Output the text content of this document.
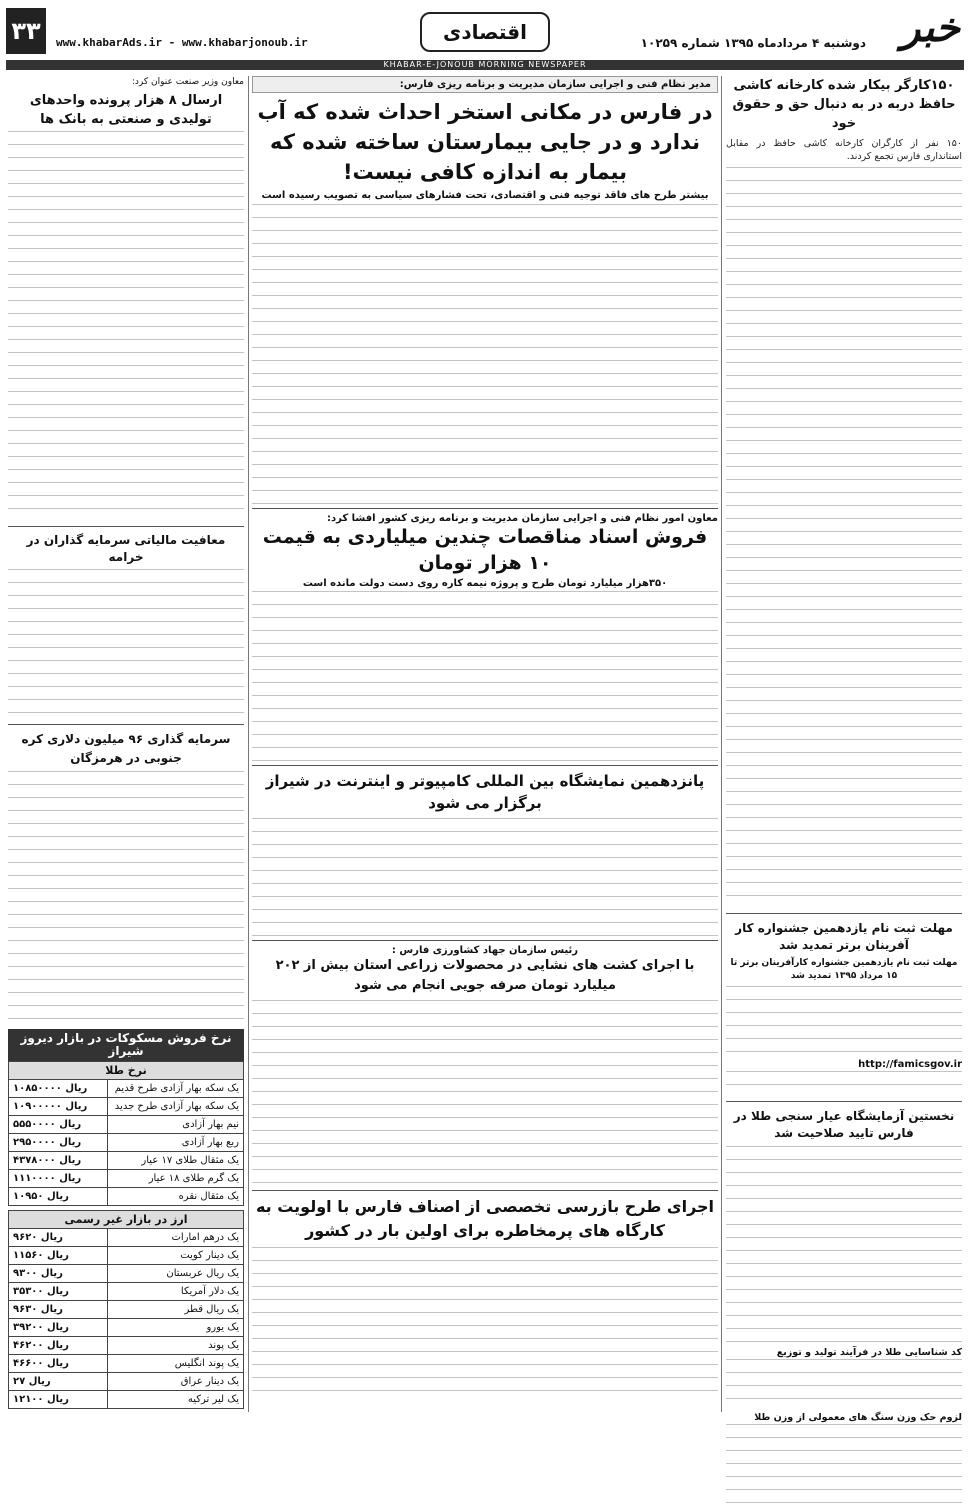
خبر
دوشنبه ۴ مردادماه ۱۳۹۵ شماره ۱۰۲۵۹
اقتصادی
www.khabarAds.ir - www.khabarjonoub.ir
۳۳
KHABAR-E-JONOUB MORNING NEWSPAPER
۱۵۰کارگر بیکار شده کارخانه کاشی حافظ دربه در به دنبال حق و حقوق خود
۱۵۰ نفر از کارگران کارخانه کاشی حافظ در مقابل استانداری فارس تجمع کردند.
مهلت ثبت نام یازدهمین جشنواره کار آفرینان برتر تمدید شد
مهلت ثبت نام یازدهمین جشنواره کارآفرینان برتر تا ۱۵ مرداد ۱۳۹۵ تمدید شد
http://famicsgov.ir
نخستین آزمایشگاه عیار سنجی طلا در فارس تایید صلاحیت شد
کد شناسایی طلا در فرآیند تولید و توزیع
لزوم حک وزن سنگ های معمولی از وزن طلا
مدیر نظام فنی و اجرایی سازمان مدیریت و برنامه ریزی فارس:
در فارس در مکانی استخر احداث شده که آب ندارد و در جایی بیمارستان ساخته شده که بیمار به اندازه کافی نیست!
بیشتر طرح های فاقد توجیه فنی و اقتصادی، تحت فشارهای سیاسی به تصویب رسیده است
معاون امور نظام فنی و اجرایی سازمان مدیریت و برنامه ریزی کشور افشا کرد:
فروش اسناد مناقصات چندین میلیاردی به قیمت ۱۰ هزار تومان
۳۵۰هزار میلیارد تومان طرح و پروژه نیمه کاره روی دست دولت مانده است
پانزدهمین نمایشگاه بین المللی کامپیوتر و اینترنت در شیراز برگزار می شود
رئیس سازمان جهاد کشاورزی فارس :
با اجرای کشت های نشایی در محصولات زراعی استان بیش از ۲۰۲ میلیارد تومان صرفه جویی انجام می شود
اجرای طرح بازرسی تخصصی از اصناف فارس با اولویت به کارگاه های پرمخاطره برای اولین بار در کشور
معاون وزیر صنعت عنوان کرد:
ارسال ۸ هزار پرونده واحدهای تولیدی و صنعتی به بانک ها
معافیت مالیاتی سرمایه گذاران در خرامه
سرمایه گذاری ۹۶ میلیون دلاری کره جنوبی در هرمزگان
نرخ فروش مسکوکات در بازار دیروز شیراز
نرخ طلا
یک سکه بهار آزادی طرح قدیم	۱۰۸۵۰۰۰۰ ریال
یک سکه بهار آزادی طرح جدید	۱۰۹۰۰۰۰۰ ریال
نیم بهار آزادی	۵۵۵۰۰۰۰ ریال
ربع بهار آزادی	۲۹۵۰۰۰۰ ریال
یک مثقال طلای ۱۷ عیار	۴۳۷۸۰۰۰ ریال
یک گرم طلای ۱۸ عیار	۱۱۱۰۰۰۰ ریال
یک مثقال نقره	۱۰۹۵۰ ریال
ارز در بازار غیر رسمی
یک درهم امارات	۹۶۲۰ ریال
یک دینار کویت	۱۱۵۶۰ ریال
یک ریال عربستان	۹۳۰۰ ریال
یک دلار آمریکا	۳۵۳۰۰ ریال
یک ریال قطر	۹۶۳۰ ریال
یک یورو	۳۹۲۰۰ ریال
یک پوند	۴۶۲۰۰ ریال
یک پوند انگلیس	۴۶۶۰۰ ریال
یک دینار عراق	۲۷ ریال
یک لیر ترکیه	۱۲۱۰۰ ریال
